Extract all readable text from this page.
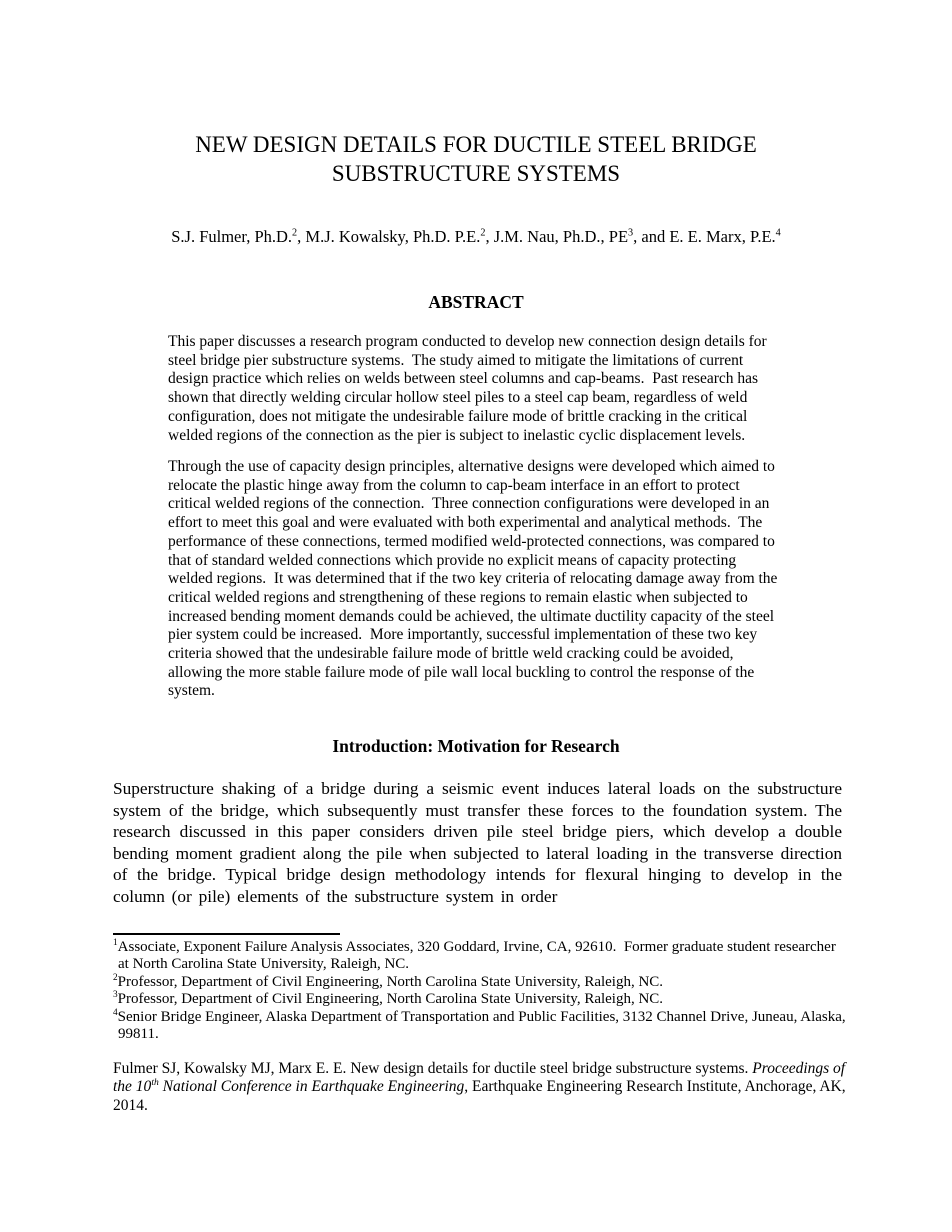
NEW DESIGN DETAILS FOR DUCTILE STEEL BRIDGE
SUBSTRUCTURE SYSTEMS

S.J. Fulmer, Ph.D.$^2$, M.J. Kowalsky, Ph.D. P.E.$^2$, J.M. Nau, Ph.D., $PE^3$, and E. E. Marx, P.E.$^4$

ABSTRACT

This paper discusses a research program conducted to develop new connection design details for steel bridge pier substructure systems.  The study aimed to mitigate the limitations of current design practice which relies on welds between steel columns and cap-beams.  Past research has shown that directly welding circular hollow steel piles to a steel cap beam, regardless of weld configuration, does not mitigate the undesirable failure mode of brittle cracking in the critical welded regions of the connection as the pier is subject to inelastic cyclic displacement levels.

Through the use of capacity design principles, alternative designs were developed which aimed to relocate the plastic hinge away from the column to cap-beam interface in an effort to protect critical welded regions of the connection.  Three connection configurations were developed in an effort to meet this goal and were evaluated with both experimental and analytical methods.  The performance of these connections, termed modified weld-protected connections, was compared to that of standard welded connections which provide no explicit means of capacity protecting welded regions.  It was determined that if the two key criteria of relocating damage away from the critical welded regions and strengthening of these regions to remain elastic when subjected to increased bending moment demands could be achieved, the ultimate ductility capacity of the steel pier system could be increased.  More importantly, successful implementation of these two key criteria showed that the undesirable failure mode of brittle weld cracking could be avoided, allowing the more stable failure mode of pile wall local buckling to control the response of the system.

Introduction: Motivation for Research

Superstructure shaking of a bridge during a seismic event induces lateral loads on the substructure system of the bridge, which subsequently must transfer these forces to the foundation system. The research discussed in this paper considers driven pile steel bridge piers, which develop a double bending moment gradient along the pile when subjected to lateral loading in the transverse direction of the bridge. Typical bridge design methodology intends for flexural hinging to develop in the column (or pile) elements of the substructure system in order

$^1$Associate, Exponent Failure Analysis Associates, 320 Goddard, Irvine, CA, 92610.  Former graduate student researcher at North Carolina State University, Raleigh, NC.
$^2$Professor, Department of Civil Engineering, North Carolina State University, Raleigh, NC.
$^3$Professor, Department of Civil Engineering, North Carolina State University, Raleigh, NC.
$^4$Senior Bridge Engineer, Alaska Department of Transportation and Public Facilities, 3132 Channel Drive, Juneau, Alaska, 99811.

Fulmer SJ, Kowalsky MJ, Marx E. E. New design details for ductile steel bridge substructure systems. Proceedings of the 10th National Conference in Earthquake Engineering, Earthquake Engineering Research Institute, Anchorage, AK, 2014.
